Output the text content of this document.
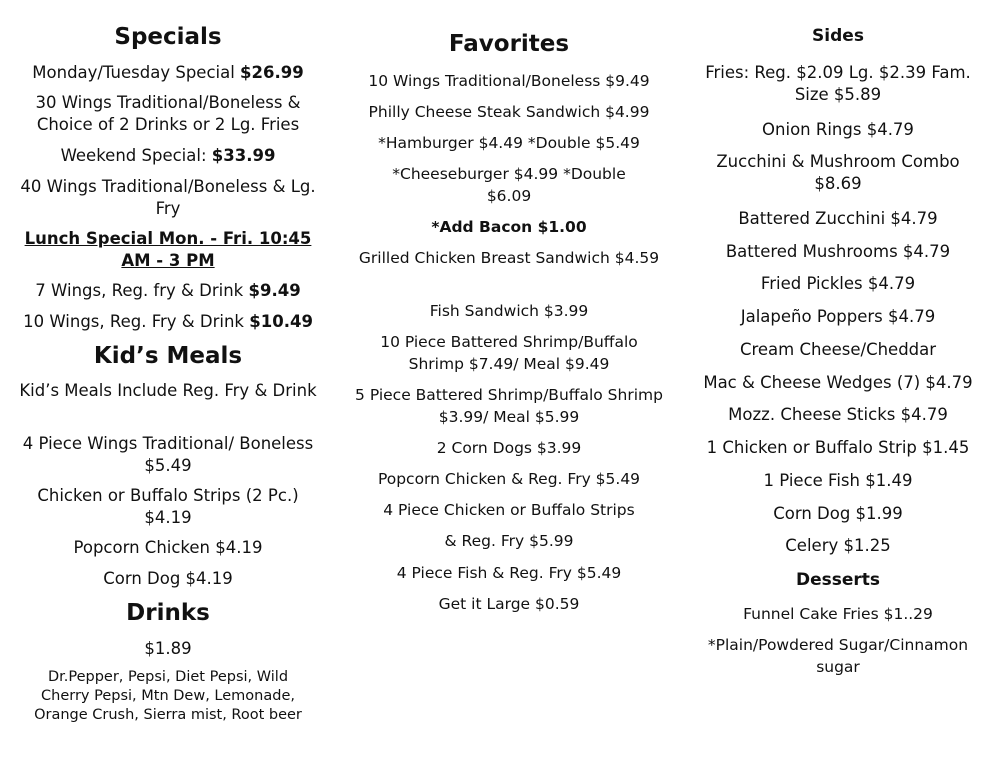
Specials
Monday/Tuesday Special $26.99
30 Wings Traditional/Boneless & Choice of 2 Drinks or 2 Lg. Fries
Weekend Special: $33.99
40 Wings Traditional/Boneless & Lg. Fry
Lunch Special Mon. - Fri. 10:45 AM - 3 PM
7 Wings, Reg. fry & Drink $9.49
10 Wings, Reg. Fry & Drink $10.49
Kid’s Meals
Kid’s Meals Include Reg. Fry & Drink
4 Piece Wings Traditional/ Boneless $5.49
Chicken or Buffalo Strips (2 Pc.) $4.19
Popcorn Chicken $4.19
Corn Dog $4.19
Drinks
$1.89
Dr.Pepper, Pepsi, Diet Pepsi, Wild Cherry Pepsi, Mtn Dew, Lemonade, Orange Crush, Sierra mist, Root beer
Favorites
10 Wings Traditional/Boneless $9.49
Philly Cheese Steak Sandwich $4.99
*Hamburger $4.49 *Double $5.49
*Cheeseburger $4.99 *Double $6.09
*Add Bacon $1.00
Grilled Chicken Breast Sandwich $4.59
Fish Sandwich $3.99
10 Piece Battered Shrimp/Buffalo Shrimp $7.49/ Meal $9.49
5 Piece Battered Shrimp/Buffalo Shrimp $3.99/ Meal $5.99
2 Corn Dogs $3.99
Popcorn Chicken & Reg. Fry $5.49
4 Piece Chicken or Buffalo Strips
& Reg. Fry $5.99
4 Piece Fish & Reg. Fry $5.49
Get it Large $0.59
Sides
Fries: Reg. $2.09 Lg. $2.39 Fam. Size $5.89
Onion Rings $4.79
Zucchini & Mushroom Combo $8.69
Battered Zucchini $4.79
Battered Mushrooms $4.79
Fried Pickles $4.79
Jalapeño Poppers $4.79
Cream Cheese/Cheddar
Mac & Cheese Wedges (7) $4.79
Mozz. Cheese Sticks $4.79
1 Chicken or Buffalo Strip $1.45
1 Piece Fish $1.49
Corn Dog $1.99
Celery $1.25
Desserts
Funnel Cake Fries $1..29
*Plain/Powdered Sugar/Cinnamon sugar
